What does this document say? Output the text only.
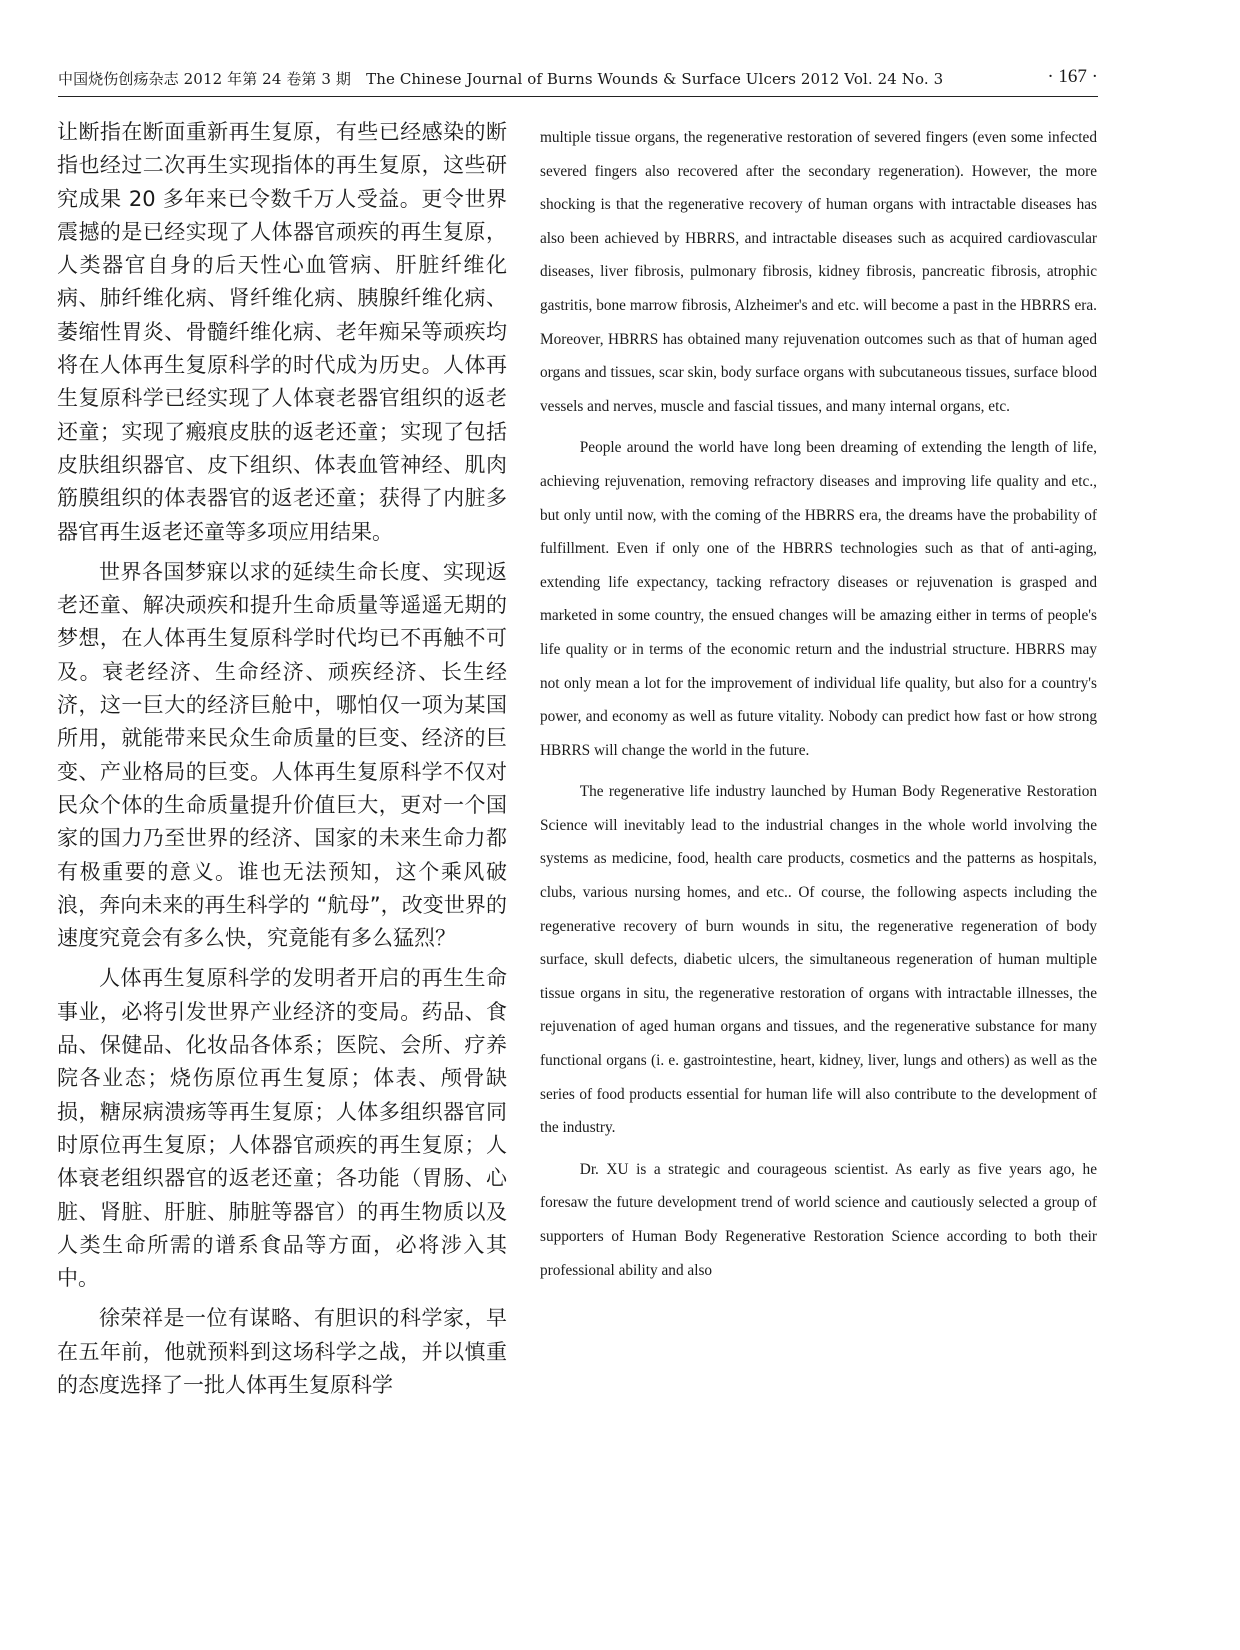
中国烧伤创疡杂志 2012 年第 24 卷第 3 期　The Chinese Journal of Burns Wounds & Surface Ulcers 2012 Vol. 24 No. 3	· 167 ·

让断指在断面重新再生复原，有些已经感染的断指也经过二次再生实现指体的再生复原，这些研究成果 20 多年来已令数千万人受益。更令世界震撼的是已经实现了人体器官顽疾的再生复原，人类器官自身的后天性心血管病、肝脏纤维化病、肺纤维化病、肾纤维化病、胰腺纤维化病、萎缩性胃炎、骨髓纤维化病、老年痴呆等顽疾均将在人体再生复原科学的时代成为历史。人体再生复原科学已经实现了人体衰老器官组织的返老还童；实现了瘢痕皮肤的返老还童；实现了包括皮肤组织器官、皮下组织、体表血管神经、肌肉筋膜组织的体表器官的返老还童；获得了内脏多器官再生返老还童等多项应用结果。

世界各国梦寐以求的延续生命长度、实现返老还童、解决顽疾和提升生命质量等遥遥无期的梦想，在人体再生复原科学时代均已不再触不可及。衰老经济、生命经济、顽疾经济、长生经济，这一巨大的经济巨舱中，哪怕仅一项为某国所用，就能带来民众生命质量的巨变、经济的巨变、产业格局的巨变。人体再生复原科学不仅对民众个体的生命质量提升价值巨大，更对一个国家的国力乃至世界的经济、国家的未来生命力都有极重要的意义。谁也无法预知，这个乘风破浪，奔向未来的再生科学的 “航母”，改变世界的速度究竟会有多么快，究竟能有多么猛烈？

人体再生复原科学的发明者开启的再生生命事业，必将引发世界产业经济的变局。药品、食品、保健品、化妆品各体系；医院、会所、疗养院各业态；烧伤原位再生复原；体表、颅骨缺损，糖尿病溃疡等再生复原；人体多组织器官同时原位再生复原；人体器官顽疾的再生复原；人体衰老组织器官的返老还童；各功能（胃肠、心脏、肾脏、肝脏、肺脏等器官）的再生物质以及人类生命所需的谱系食品等方面，必将涉入其中。

徐荣祥是一位有谋略、有胆识的科学家，早在五年前，他就预料到这场科学之战，并以慎重的态度选择了一批人体再生复原科学

multiple tissue organs, the regenerative restoration of severed fingers (even some infected severed fingers also recovered after the secondary regeneration). However, the more shocking is that the regenerative recovery of human organs with intractable diseases has also been achieved by HBRRS, and intractable diseases such as acquired cardiovascular diseases, liver fibrosis, pulmonary fibrosis, kidney fibrosis, pancreatic fibrosis, atrophic gastritis, bone marrow fibrosis, Alzheimer's and etc. will become a past in the HBRRS era. Moreover, HBRRS has obtained many rejuvenation outcomes such as that of human aged organs and tissues, scar skin, body surface organs with subcutaneous tissues, surface blood vessels and nerves, muscle and fascial tissues, and many internal organs, etc.

People around the world have long been dreaming of extending the length of life, achieving rejuvenation, removing refractory diseases and improving life quality and etc., but only until now, with the coming of the HBRRS era, the dreams have the probability of fulfillment. Even if only one of the HBRRS technologies such as that of anti-aging, extending life expectancy, tacking refractory diseases or rejuvenation is grasped and marketed in some country, the ensued changes will be amazing either in terms of people's life quality or in terms of the economic return and the industrial structure. HBRRS may not only mean a lot for the improvement of individual life quality, but also for a country's power, and economy as well as future vitality. Nobody can predict how fast or how strong HBRRS will change the world in the future.

The regenerative life industry launched by Human Body Regenerative Restoration Science will inevitably lead to the industrial changes in the whole world involving the systems as medicine, food, health care products, cosmetics and the patterns as hospitals, clubs, various nursing homes, and etc.. Of course, the following aspects including the regenerative recovery of burn wounds in situ, the regenerative regeneration of body surface, skull defects, diabetic ulcers, the simultaneous regeneration of human multiple tissue organs in situ, the regenerative restoration of organs with intractable illnesses, the rejuvenation of aged human organs and tissues, and the regenerative substance for many functional organs (i. e. gastrointestine, heart, kidney, liver, lungs and others) as well as the series of food products essential for human life will also contribute to the development of the industry.

Dr. XU is a strategic and courageous scientist. As early as five years ago, he foresaw the future development trend of world science and cautiously selected a group of supporters of Human Body Regenerative Restoration Science according to both their professional ability and also
